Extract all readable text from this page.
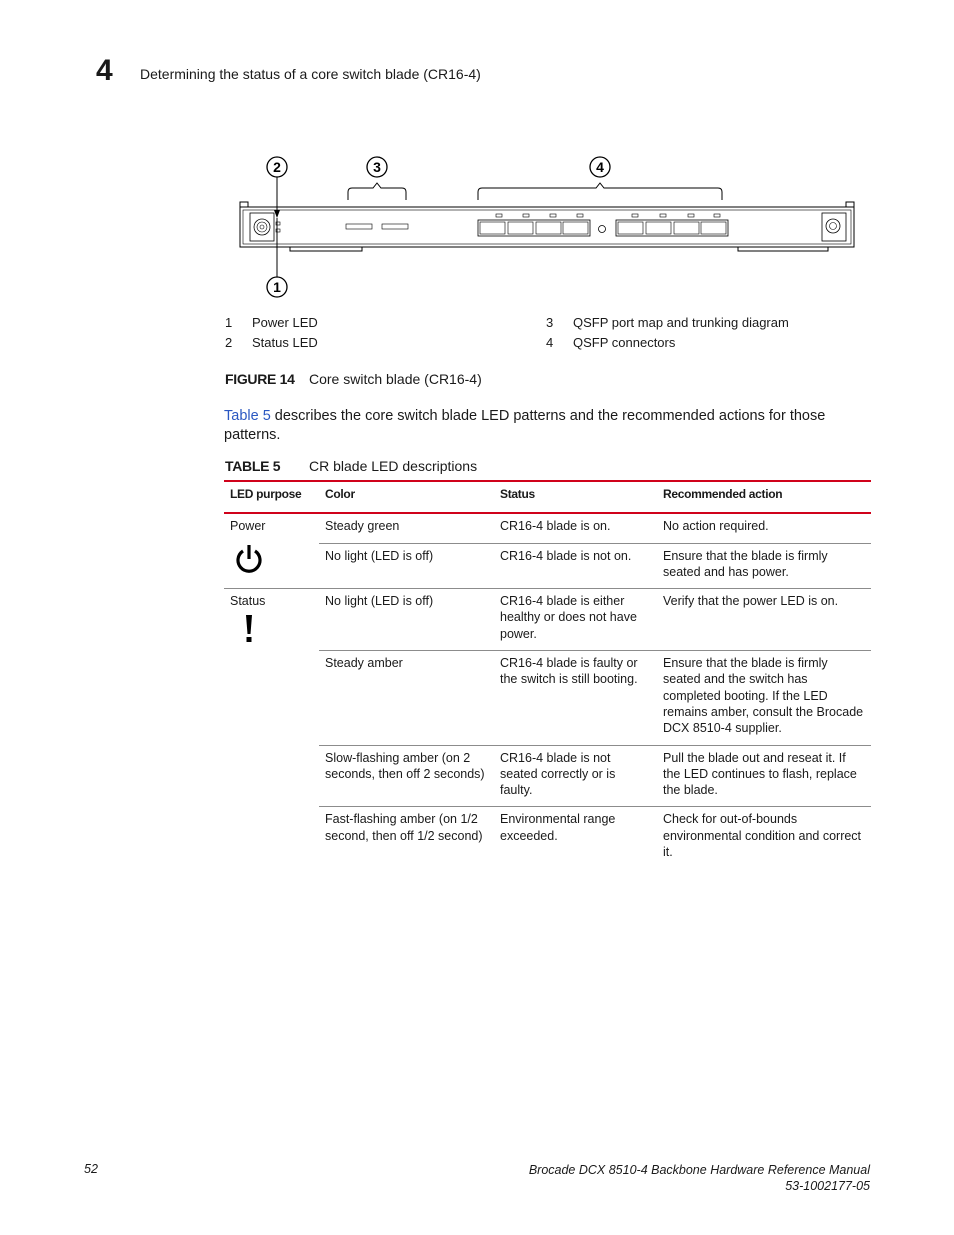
4 Determining the status of a core switch blade (CR16-4)
2	3	4
1
1 Power LED
2 Status LED
3 QSFP port map and trunking diagram
4 QSFP connectors
FIGURE 14 Core switch blade (CR16-4)
Table 5 describes the core switch blade LED patterns and the recommended actions for those patterns.
TABLE 5 CR blade LED descriptions
LED purpose	Color	Status	Recommended action

Power	Steady green	CR16-4 blade is on.	No action required.
	No light (LED is off)	CR16-4 blade is not on.	Ensure that the blade is firmly seated and has power.

Status	No light (LED is off)	CR16-4 blade is either healthy or does not have power.	Verify that the power LED is on.
	Steady amber	CR16-4 blade is faulty or the switch is still booting.	Ensure that the blade is firmly seated and the switch has completed booting. If the LED remains amber, consult the Brocade DCX 8510-4 supplier.
	Slow-flashing amber (on 2 seconds, then off 2 seconds)	CR16-4 blade is not seated correctly or is faulty.	Pull the blade out and reseat it. If the LED continues to flash, replace the blade.
	Fast-flashing amber (on 1/2 second, then off 1/2 second)	Environmental range exceeded.	Check for out-of-bounds environmental condition and correct it.
52	Brocade DCX 8510-4 Backbone Hardware Reference Manual
53-1002177-05
